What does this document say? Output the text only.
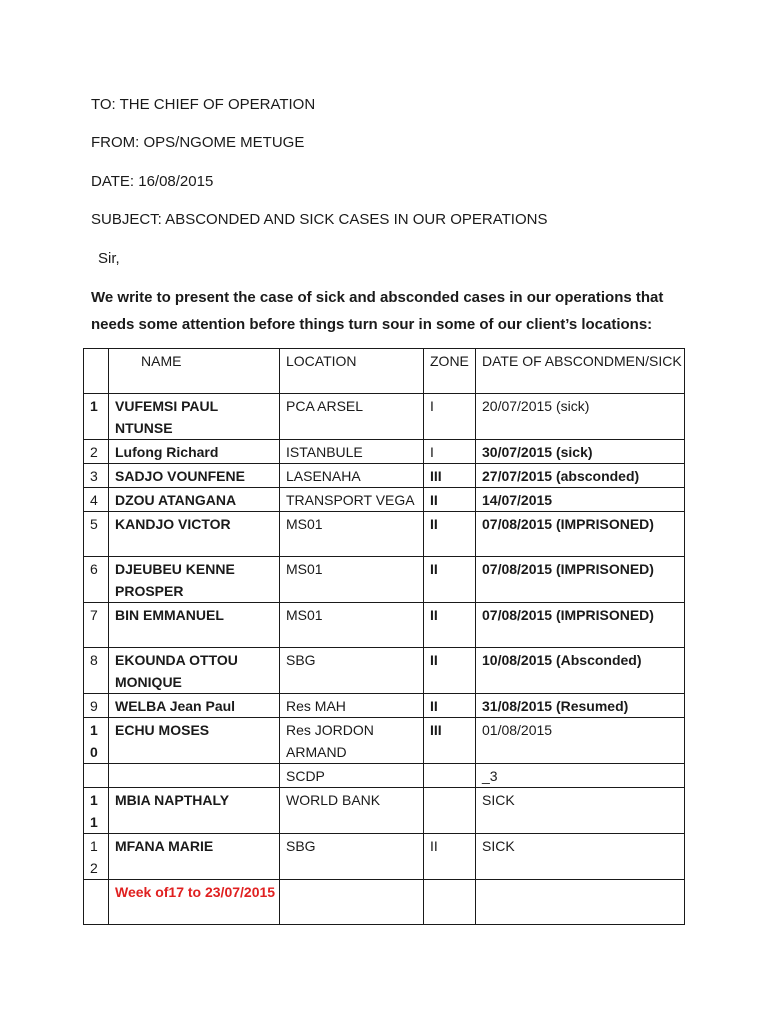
TO: THE CHIEF OF OPERATION
FROM: OPS/NGOME METUGE
DATE: 16/08/2015
SUBJECT: ABSCONDED AND SICK CASES IN OUR OPERATIONS
Sir,
We write to present the case of sick and absconded cases in our operations that needs some attention before things turn sour in some of our client’s locations:
	NAME	LOCATION	ZONE	DATE OF ABSCONDMEN/SICK
1	VUFEMSI PAUL NTUNSE	PCA ARSEL	I	20/07/2015 (sick)
2	Lufong Richard	ISTANBULE	I	30/07/2015 (sick)
3	SADJO VOUNFENE	LASENAHA	III	27/07/2015 (absconded)
4	DZOU ATANGANA	TRANSPORT VEGA	II	14/07/2015
5	KANDJO VICTOR	MS01	II	07/08/2015 (IMPRISONED)
6	DJEUBEU KENNE PROSPER	MS01	II	07/08/2015 (IMPRISONED)
7	BIN EMMANUEL	MS01	II	07/08/2015 (IMPRISONED)
8	EKOUNDA OTTOU MONIQUE	SBG	II	10/08/2015 (Absconded)
9	WELBA Jean Paul	Res MAH	II	31/08/2015 (Resumed)
10	ECHU MOSES	Res JORDON ARMAND	III	01/08/2015
		SCDP		_3
11	MBIA NAPTHALY	WORLD BANK		SICK
12	MFANA MARIE	SBG	II	SICK
	Week of17 to 23/07/2015			
